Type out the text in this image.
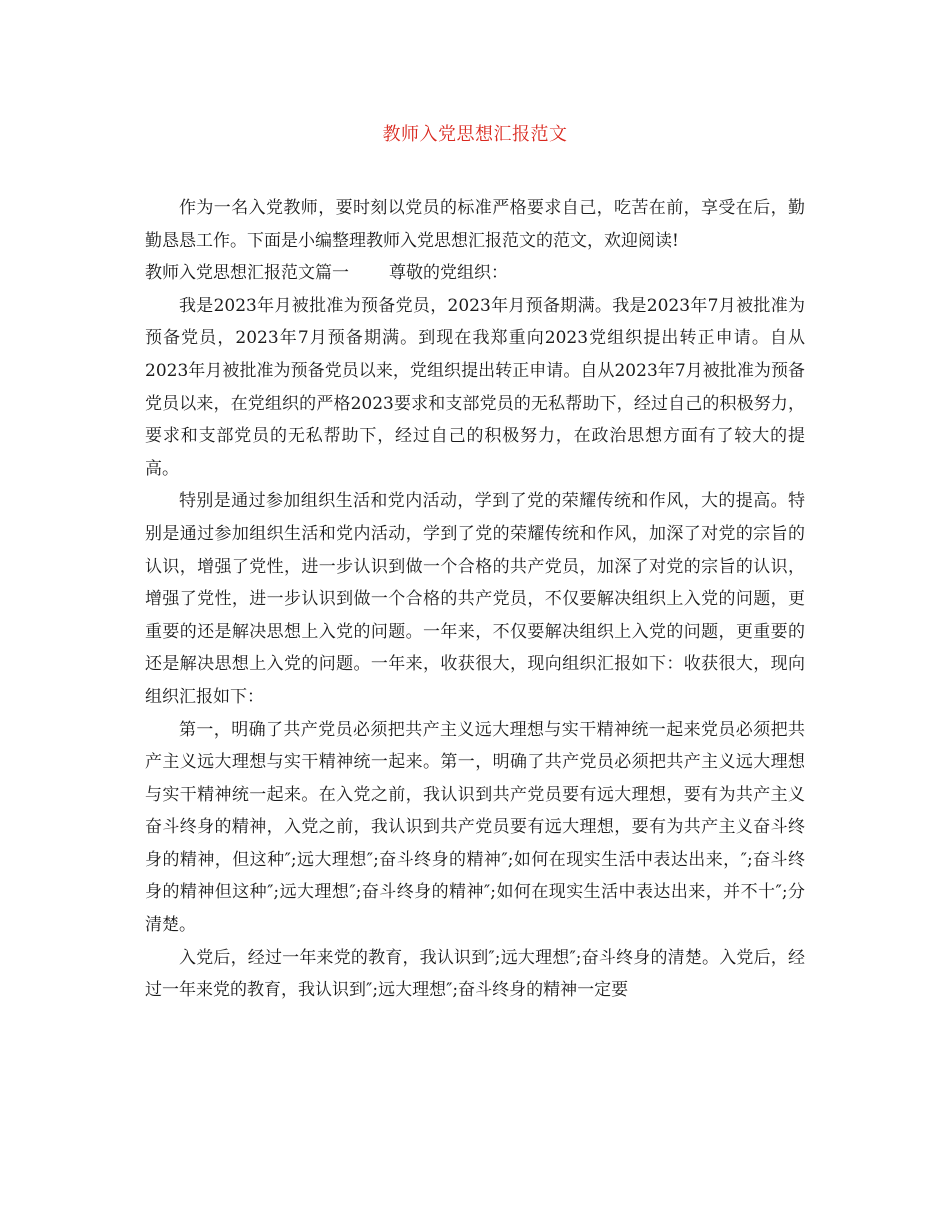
教师入党思想汇报范文

作为一名入党教师，要时刻以党员的标准严格要求自己，吃苦在前，享受在后，勤勤恳恳工作。下面是小编整理教师入党思想汇报范文的范文，欢迎阅读!

教师入党思想汇报范文篇一 尊敬的党组织：

我是2023年月被批准为预备党员，2023年月预备期满。我是2023年7月被批准为预备党员，2023年7月预备期满。到现在我郑重向2023党组织提出转正申请。自从2023年月被批准为预备党员以来，党组织提出转正申请。自从2023年7月被批准为预备党员以来，在党组织的严格2023要求和支部党员的无私帮助下，经过自己的积极努力，要求和支部党员的无私帮助下，经过自己的积极努力，在政治思想方面有了较大的提高。

特别是通过参加组织生活和党内活动，学到了党的荣耀传统和作风，大的提高。特别是通过参加组织生活和党内活动，学到了党的荣耀传统和作风，加深了对党的宗旨的认识，增强了党性，进一步认识到做一个合格的共产党员，加深了对党的宗旨的认识，增强了党性，进一步认识到做一个合格的共产党员，不仅要解决组织上入党的问题，更重要的还是解决思想上入党的问题。一年来，不仅要解决组织上入党的问题，更重要的还是解决思想上入党的问题。一年来，收获很大，现向组织汇报如下：收获很大，现向组织汇报如下：

第一，明确了共产党员必须把共产主义远大理想与实干精神统一起来党员必须把共产主义远大理想与实干精神统一起来。第一，明确了共产党员必须把共产主义远大理想与实干精神统一起来。在入党之前，我认识到共产党员要有远大理想，要有为共产主义奋斗终身的精神，入党之前，我认识到共产党员要有远大理想，要有为共产主义奋斗终身的精神，但这种″;远大理想″;奋斗终身的精神″;如何在现实生活中表达出来，″;奋斗终身的精神但这种″;远大理想″;奋斗终身的精神″;如何在现实生活中表达出来，并不十″;分清楚。

入党后，经过一年来党的教育，我认识到″;远大理想″;奋斗终身的清楚。入党后，经过一年来党的教育，我认识到″;远大理想″;奋斗终身的精神一定要
